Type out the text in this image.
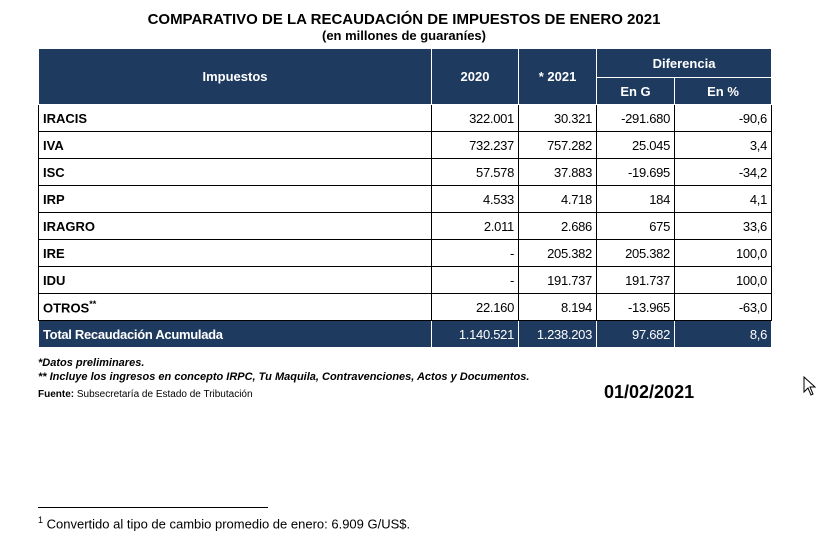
COMPARATIVO DE LA RECAUDACIÓN DE IMPUESTOS DE ENERO 2021
(en millones de guaraníes)
Impuestos	2020	* 2021	Diferencia	
			En G	En %
IRACIS	322.001	30.321	-291.680	-90,6
IVA	732.237	757.282	25.045	3,4
ISC	57.578	37.883	-19.695	-34,2
IRP	4.533	4.718	184	4,1
IRAGRO	2.011	2.686	675	33,6
IRE	-	205.382	205.382	100,0
IDU	-	191.737	191.737	100,0
OTROS**	22.160	8.194	-13.965	-63,0
Total Recaudación Acumulada	1.140.521	1.238.203	97.682	8,6
*Datos preliminares.
** Incluye los ingresos en concepto IRPC, Tu Maquila, Contravenciones, Actos y Documentos.
Fuente: Subsecretaría de Estado de Tributación	01/02/2021
$^1$ Convertido al tipo de cambio promedio de enero: 6.909 G/US$.
